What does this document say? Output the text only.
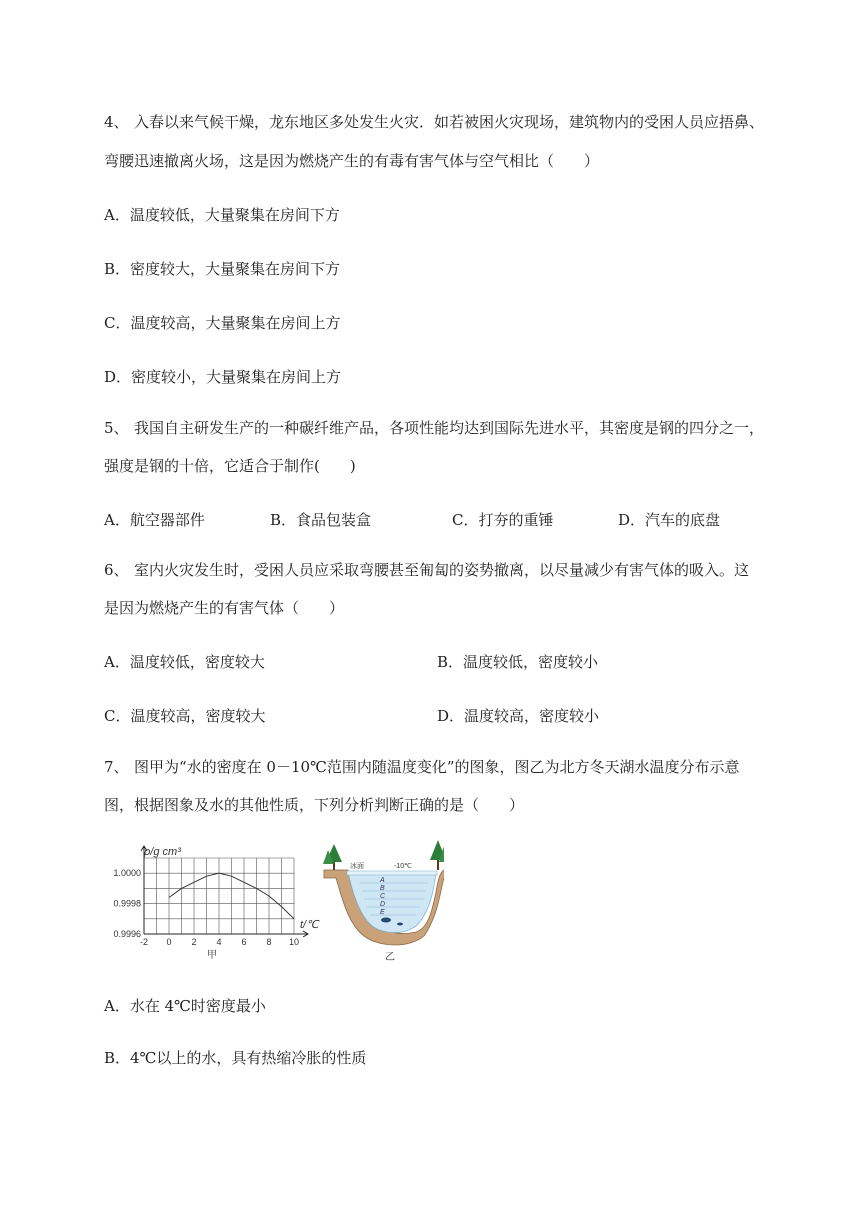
4、 入春以来气候干燥，龙东地区多处发生火灾．如若被困火灾现场，建筑物内的受困人员应捂鼻、
弯腰迅速撤离火场，这是因为燃烧产生的有毒有害气体与空气相比（　　）
A．温度较低，大量聚集在房间下方
B．密度较大，大量聚集在房间下方
C．温度较高，大量聚集在房间上方
D．密度较小，大量聚集在房间上方
5、 我国自主研发生产的一种碳纤维产品，各项性能均达到国际先进水平，其密度是钢的四分之一，
强度是钢的十倍，它适合于制作(　　)
A．航空器部件	B．食品包装盒	C．打夯的重锤	D．汽车的底盘
6、 室内火灾发生时，受困人员应采取弯腰甚至匍匐的姿势撤离，以尽量减少有害气体的吸入。这
是因为燃烧产生的有害气体（　　）
A．温度较低，密度较大	B．温度较低，密度较小
C．温度较高，密度较大	D．温度较高，密度较小
7、 图甲为“水的密度在 0－10℃范围内随温度变化”的图象，图乙为北方冬天湖水温度分布示意
图，根据图象及水的其他性质，下列分析判断正确的是（　　）
1.0000
0.9998
0.9996
-2 0 2 4 6 8 10
ρ/g cm³
t/℃
甲
A
B
C
D
E
冰面	-10℃
乙
A．水在 4℃时密度最小
B．4℃以上的水，具有热缩冷胀的性质
